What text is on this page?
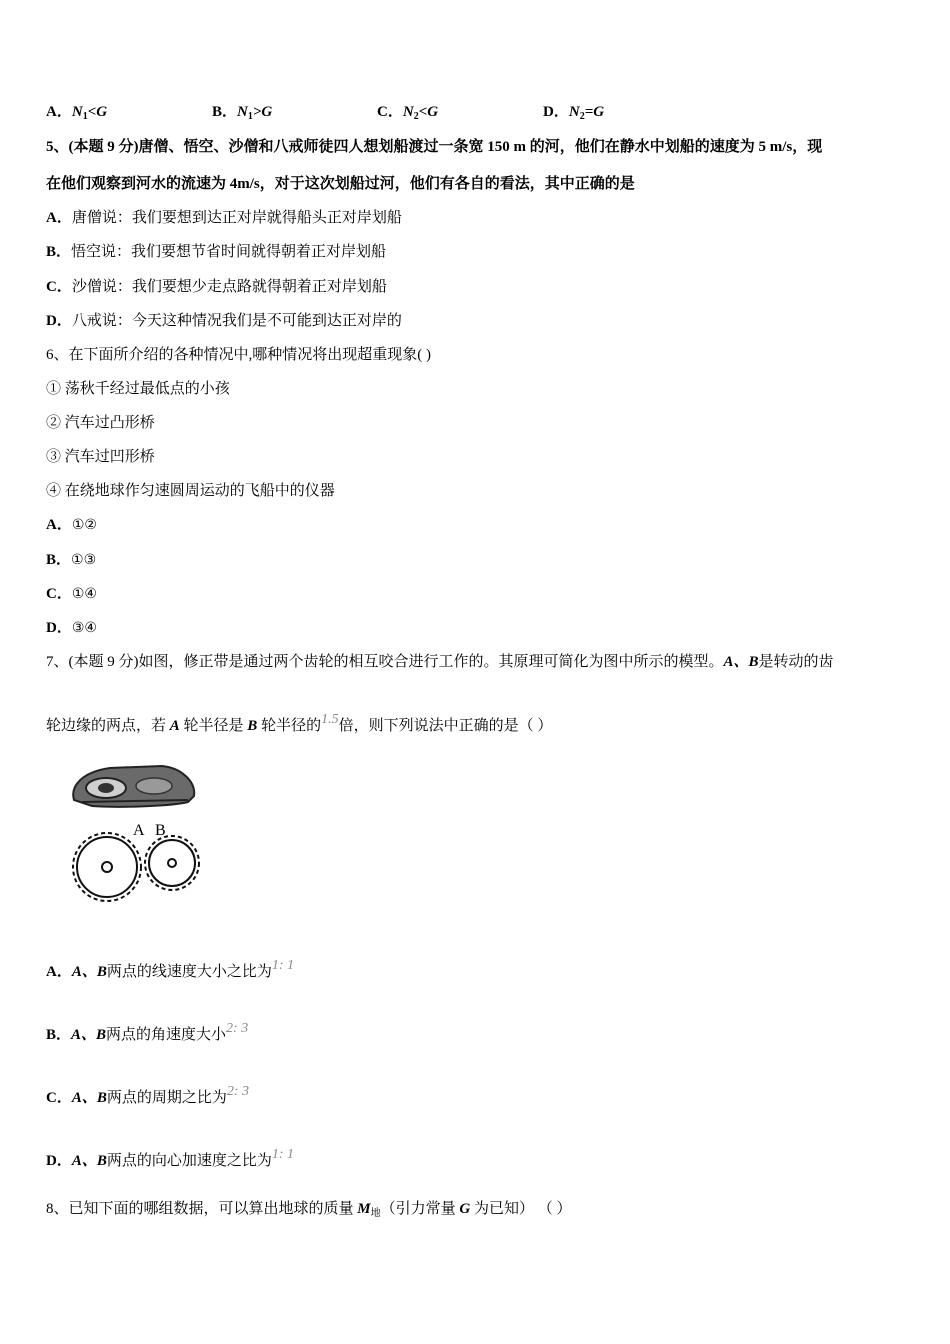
A．$N_1<G$	B．$N_1>G$	C．$N_2<G$	D．$N_2=G$
5、(本题 9 分)唐僧、悟空、沙僧和八戒师徒四人想划船渡过一条宽 150 m 的河，他们在静水中划船的速度为 5 m/s，现
在他们观察到河水的流速为 4m/s，对于这次划船过河，他们有各自的看法，其中正确的是
A．唐僧说：我们要想到达正对岸就得船头正对岸划船
B．悟空说：我们要想节省时间就得朝着正对岸划船
C．沙僧说：我们要想少走点路就得朝着正对岸划船
D．八戒说：今天这种情况我们是不可能到达正对岸的
6、在下面所介绍的各种情况中,哪种情况将出现超重现象( )
① 荡秋千经过最低点的小孩
② 汽车过凸形桥
③ 汽车过凹形桥
④ 在绕地球作匀速圆周运动的飞船中的仪器
A．①②
B．①③
C．①④
D．③④
7、(本题 9 分)如图，修正带是通过两个齿轮的相互咬合进行工作的。其原理可简化为图中所示的模型。A、B是转动的齿
轮边缘的两点，若 A 轮半径是 B 轮半径的1.5倍，则下列说法中正确的是（ ）
A B
A．A、B两点的线速度大小之比为1: 1
B．A、B两点的角速度大小2: 3
C．A、B两点的周期之比为2: 3
D．A、B两点的向心加速度之比为1: 1
8、已知下面的哪组数据，可以算出地球的质量 $M_地$（引力常量 G 为已知） （ ）
